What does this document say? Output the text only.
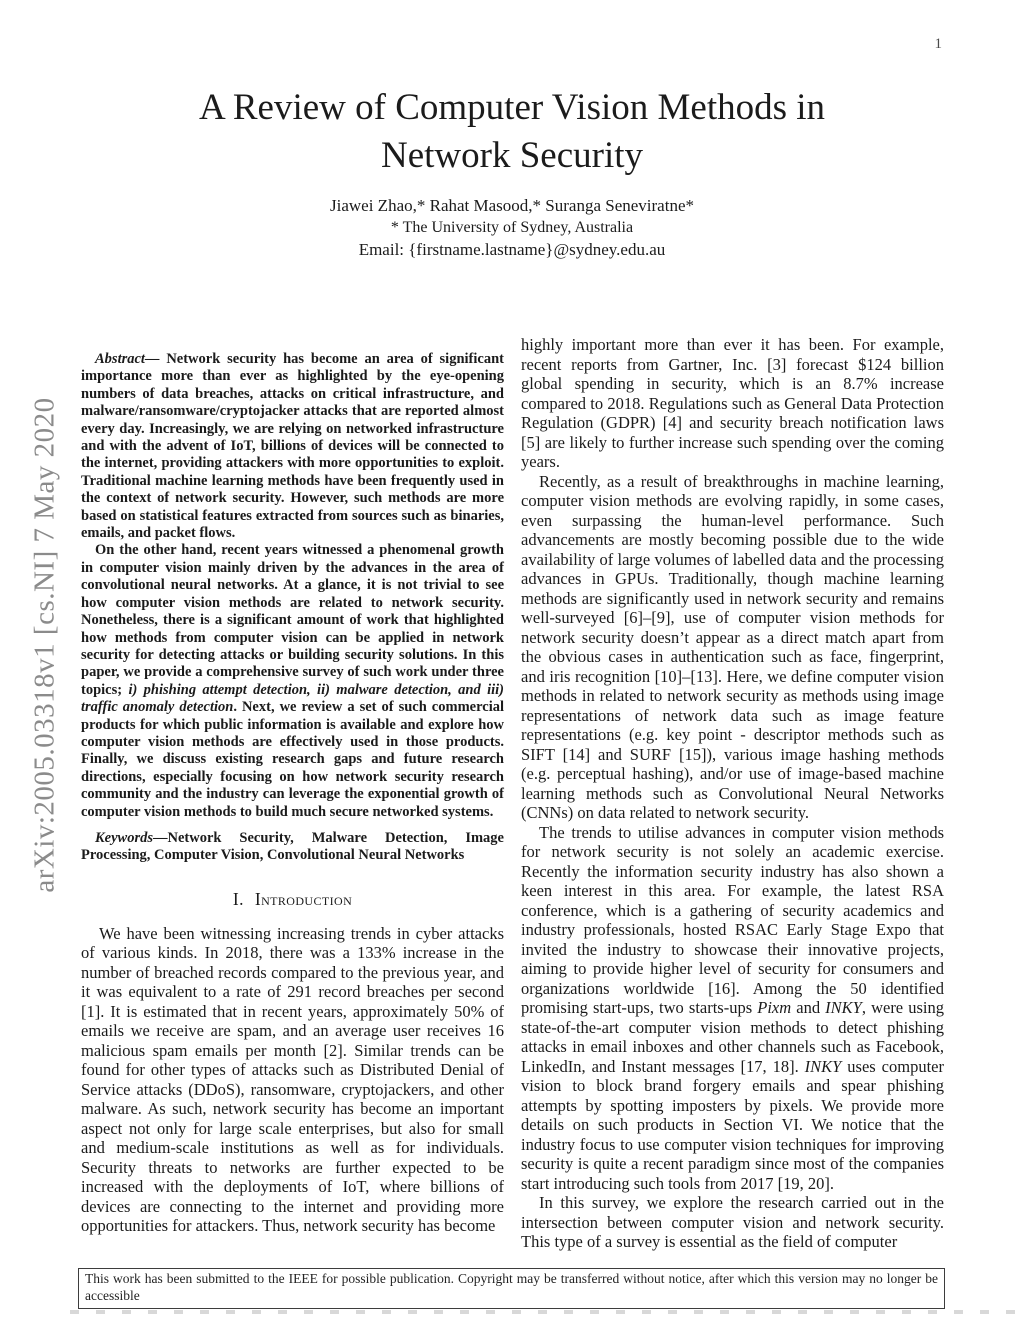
1
arXiv:2005.03318v1 [cs.NI] 7 May 2020
A Review of Computer Vision Methods in Network Security
Jiawei Zhao,* Rahat Masood,* Suranga Seneviratne*
* The University of Sydney, Australia
Email: {firstname.lastname}@sydney.edu.au

Abstract— Network security has become an area of significant importance more than ever as highlighted by the eye-opening numbers of data breaches, attacks on critical infrastructure, and malware/ransomware/cryptojacker attacks that are reported almost every day. Increasingly, we are relying on networked infrastructure and with the advent of IoT, billions of devices will be connected to the internet, providing attackers with more opportunities to exploit. Traditional machine learning methods have been frequently used in the context of network security. However, such methods are more based on statistical features extracted from sources such as binaries, emails, and packet flows.

On the other hand, recent years witnessed a phenomenal growth in computer vision mainly driven by the advances in the area of convolutional neural networks. At a glance, it is not trivial to see how computer vision methods are related to network security. Nonetheless, there is a significant amount of work that highlighted how methods from computer vision can be applied in network security for detecting attacks or building security solutions. In this paper, we provide a comprehensive survey of such work under three topics; i) phishing attempt detection, ii) malware detection, and iii) traffic anomaly detection. Next, we review a set of such commercial products for which public information is available and explore how computer vision methods are effectively used in those products. Finally, we discuss existing research gaps and future research directions, especially focusing on how network security research community and the industry can leverage the exponential growth of computer vision methods to build much secure networked systems.

Keywords—Network Security, Malware Detection, Image Processing, Computer Vision, Convolutional Neural Networks
I. Introduction

We have been witnessing increasing trends in cyber attacks of various kinds. In 2018, there was a 133% increase in the number of breached records compared to the previous year, and it was equivalent to a rate of 291 record breaches per second [1]. It is estimated that in recent years, approximately 50% of emails we receive are spam, and an average user receives 16 malicious spam emails per month [2]. Similar trends can be found for other types of attacks such as Distributed Denial of Service attacks (DDoS), ransomware, cryptojackers, and other malware. As such, network security has become an important aspect not only for large scale enterprises, but also for small and medium-scale institutions as well as for individuals. Security threats to networks are further expected to be increased with the deployments of IoT, where billions of devices are connecting to the internet and providing more opportunities for attackers. Thus, network security has become

highly important more than ever it has been. For example, recent reports from Gartner, Inc. [3] forecast $124 billion global spending in security, which is an 8.7% increase compared to 2018. Regulations such as General Data Protection Regulation (GDPR) [4] and security breach notification laws [5] are likely to further increase such spending over the coming years.

Recently, as a result of breakthroughs in machine learning, computer vision methods are evolving rapidly, in some cases, even surpassing the human-level performance. Such advancements are mostly becoming possible due to the wide availability of large volumes of labelled data and the processing advances in GPUs. Traditionally, though machine learning methods are significantly used in network security and remains well-surveyed [6]–[9], use of computer vision methods for network security doesn’t appear as a direct match apart from the obvious cases in authentication such as face, fingerprint, and iris recognition [10]–[13]. Here, we define computer vision methods in related to network security as methods using image representations of network data such as image feature representations (e.g. key point - descriptor methods such as SIFT [14] and SURF [15]), various image hashing methods (e.g. perceptual hashing), and/or use of image-based machine learning methods such as Convolutional Neural Networks (CNNs) on data related to network security.

The trends to utilise advances in computer vision methods for network security is not solely an academic exercise. Recently the information security industry has also shown a keen interest in this area. For example, the latest RSA conference, which is a gathering of security academics and industry professionals, hosted RSAC Early Stage Expo that invited the industry to showcase their innovative projects, aiming to provide higher level of security for consumers and organizations worldwide [16]. Among the 50 identified promising start-ups, two starts-ups Pixm and INKY, were using state-of-the-art computer vision methods to detect phishing attacks in email inboxes and other channels such as Facebook, LinkedIn, and Instant messages [17, 18]. INKY uses computer vision to block brand forgery emails and spear phishing attempts by spotting imposters by pixels. We provide more details on such products in Section VI. We notice that the industry focus to use computer vision techniques for improving security is quite a recent paradigm since most of the companies start introducing such tools from 2017 [19, 20].

In this survey, we explore the research carried out in the intersection between computer vision and network security. This type of a survey is essential as the field of computer

This work has been submitted to the IEEE for possible publication. Copyright may be transferred without notice, after which this version may no longer be accessible
